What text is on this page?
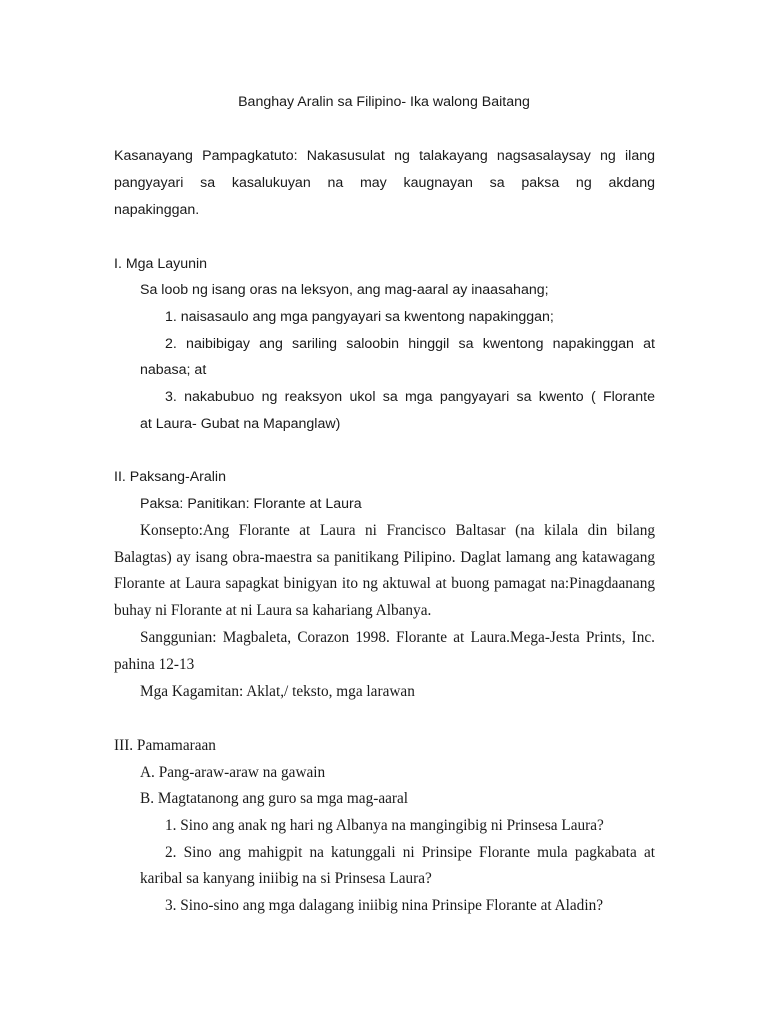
Banghay Aralin sa Filipino- Ika walong Baitang

Kasanayang Pampagkatuto: Nakasusulat ng talakayang nagsasalaysay ng ilang

pangyayari sa kasalukuyan na may kaugnayan sa paksa ng akdang

napakinggan.

I. Mga Layunin

Sa loob ng isang oras na leksyon, ang mag-aaral ay inaasahang;

1. naisasaulo ang mga pangyayari sa kwentong napakinggan;

2. naibibigay ang sariling saloobin hinggil sa kwentong napakinggan at

nabasa; at

3. nakabubuo ng reaksyon ukol sa mga pangyayari sa kwento ( Florante

at Laura- Gubat na Mapanglaw)

II. Paksang-Aralin

Paksa: Panitikan: Florante at Laura

Konsepto:Ang Florante at Laura ni Francisco Baltasar (na kilala din bilang

Balagtas) ay isang obra-maestra sa panitikang Pilipino. Daglat lamang ang katawagang

Florante at Laura sapagkat binigyan ito ng aktuwal at buong pamagat na:Pinagdaanang

buhay ni Florante at ni Laura sa kahariang Albanya.

Sanggunian: Magbaleta, Corazon 1998. Florante at Laura.Mega-Jesta Prints, Inc.

pahina 12-13

Mga Kagamitan: Aklat,/ teksto, mga larawan

III. Pamamaraan

A. Pang-araw-araw na gawain

B. Magtatanong ang guro sa mga mag-aaral

1. Sino ang anak ng hari ng Albanya na mangingibig ni Prinsesa Laura?

2. Sino ang mahigpit na katunggali ni Prinsipe Florante mula pagkabata at

karibal sa kanyang iniibig na si Prinsesa Laura?

3. Sino-sino ang mga dalagang iniibig nina Prinsipe Florante at Aladin?
